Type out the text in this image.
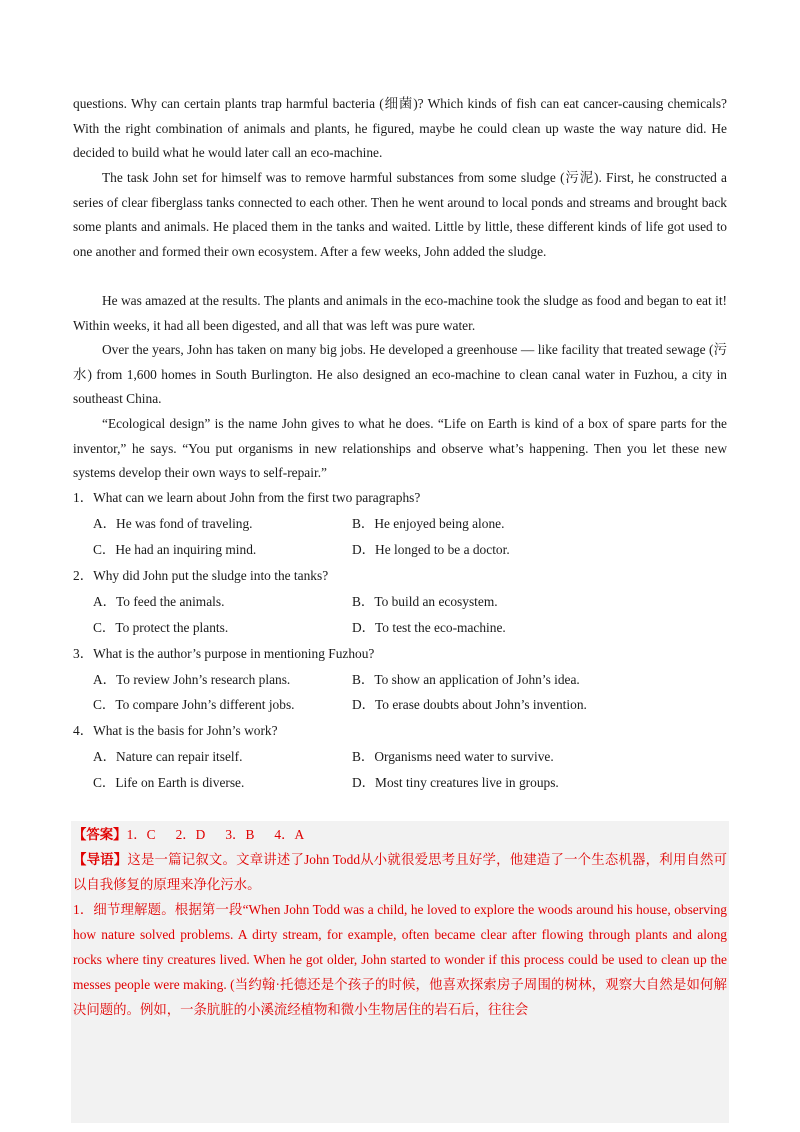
questions. Why can certain plants trap harmful bacteria (细菌)? Which kinds of fish can eat cancer-causing chemicals? With the right combination of animals and plants, he figured, maybe he could clean up waste the way nature did. He decided to build what he would later call an eco-machine.
The task John set for himself was to remove harmful substances from some sludge (污泥). First, he constructed a series of clear fiberglass tanks connected to each other. Then he went around to local ponds and streams and brought back some plants and animals. He placed them in the tanks and waited. Little by little, these different kinds of life got used to one another and formed their own ecosystem. After a few weeks, John added the sludge.
He was amazed at the results. The plants and animals in the eco-machine took the sludge as food and began to eat it! Within weeks, it had all been digested, and all that was left was pure water.
Over the years, John has taken on many big jobs. He developed a greenhouse — like facility that treated sewage (污水) from 1,600 homes in South Burlington. He also designed an eco-machine to clean canal water in Fuzhou, a city in southeast China.
“Ecological design” is the name John gives to what he does. “Life on Earth is kind of a box of spare parts for the inventor,” he says. “You put organisms in new relationships and observe what’s happening. Then you let these new systems develop their own ways to self-repair.”
1．What can we learn about John from the first two paragraphs?
A．He was fond of traveling.	B．He enjoyed being alone.
C．He had an inquiring mind.	D．He longed to be a doctor.
2．Why did John put the sludge into the tanks?
A．To feed the animals.	B．To build an ecosystem.
C．To protect the plants.	D．To test the eco-machine.
3．What is the author’s purpose in mentioning Fuzhou?
A．To review John’s research plans.	B．To show an application of John’s idea.
C．To compare John’s different jobs.	D．To erase doubts about John’s invention.
4．What is the basis for John’s work?
A．Nature can repair itself.	B．Organisms need water to survive.
C．Life on Earth is diverse.	D．Most tiny creatures live in groups.
【答案】1．C 2．D 3．B 4．A
【导语】这是一篇记叙文。文章讲述了John Todd从小就很爱思考且好学，他建造了一个生态机器，利用自然可以自我修复的原理来净化污水。
1．细节理解题。根据第一段“When John Todd was a child, he loved to explore the woods around his house, observing how nature solved problems. A dirty stream, for example, often became clear after flowing through plants and along rocks where tiny creatures lived. When he got older, John started to wonder if this process could be used to clean up the messes people were making. (当约翰·托德还是个孩子的时候，他喜欢探索房子周围的树林，观察大自然是如何解决问题的。例如，一条肮脏的小溪流经植物和微小生物居住的岩石后，往往会
